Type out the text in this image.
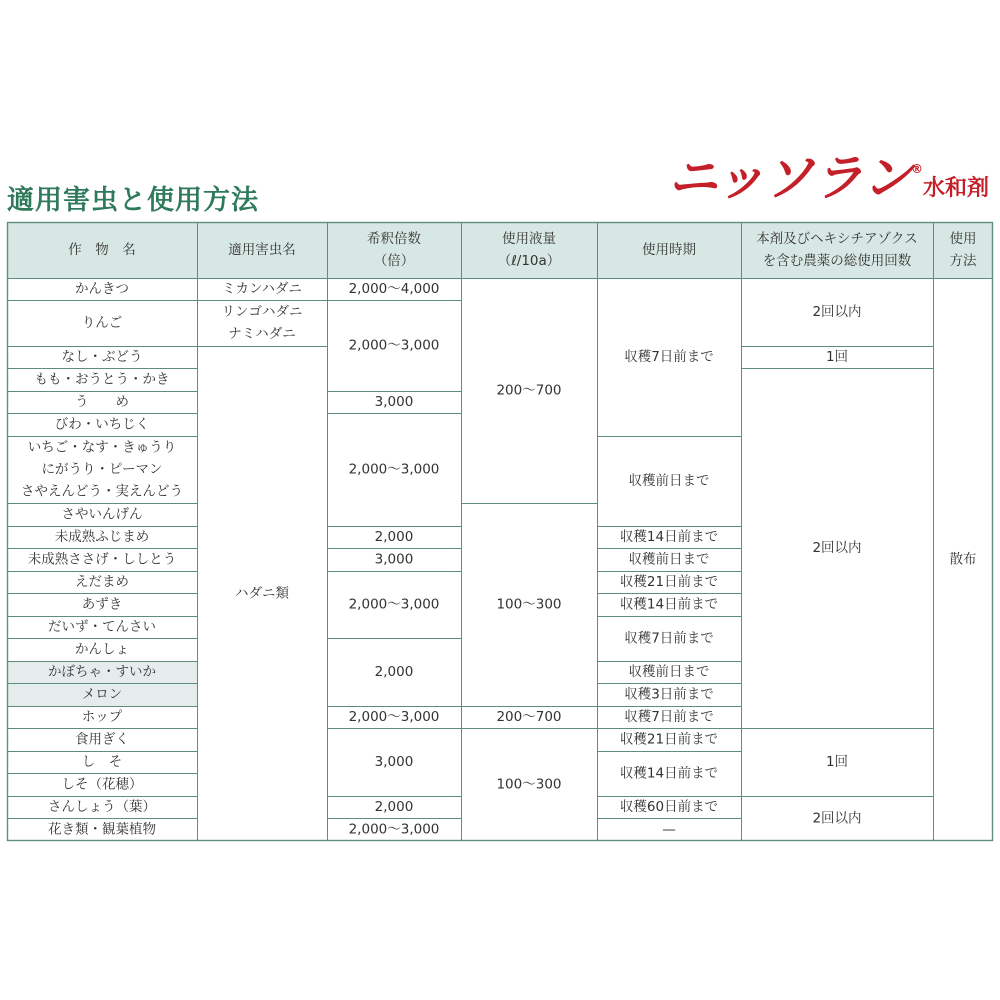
適用害虫と使用方法	ニッソラン®水和剤
作　物　名	適用害虫名
希釈倍数
（倍）
使用液量
（ℓ/10a）
使用時期
本剤及びヘキシチアゾクス
を含む農薬の総使用回数
使用
方法
かんきつ
りんご
なし・ぶどう
もも・おうとう・かき
う　　め
びわ・いちじく
いちご・なす・きゅうり
にがうり・ピーマン
さやえんどう・実えんどう
さやいんげん
未成熟ふじまめ
未成熟ささげ・ししとう
えだまめ
あずき
だいず・てんさい
かんしょ
かぼちゃ・すいか
メロン
ホップ
食用ぎく
し　そ
しそ（花穂）
さんしょう（葉）
花き類・観葉植物
ミカンハダニ
リンゴハダニ
ナミハダニ
ハダニ類
2,000～4,000
2,000～3,000
3,000
2,000～3,000
2,000
3,000
2,000～3,000
2,000
2,000～3,000
3,000
2,000
2,000～3,000
200～700
100～300
200～700
100～300
収穫7日前まで
収穫前日まで
収穫14日前まで
収穫前日まで
収穫21日前まで
収穫14日前まで
収穫7日前まで
収穫前日まで
収穫3日前まで
収穫7日前まで
収穫21日前まで
収穫14日前まで
収穫60日前まで
—
2回以内
1回
2回以内
1回
2回以内
散布
